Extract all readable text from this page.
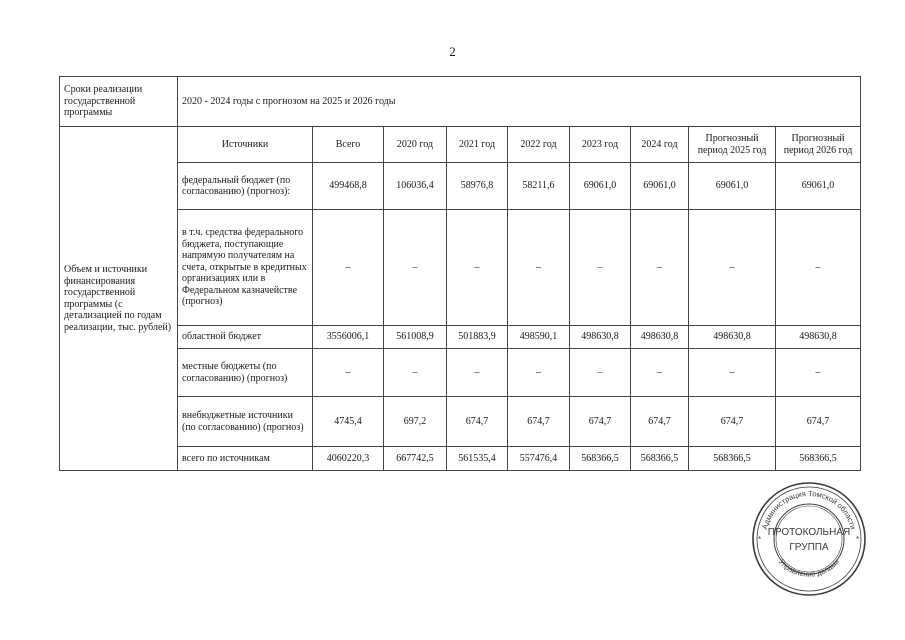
2
Сроки реализации государственной программы	2020 - 2024 годы с прогнозом на 2025 и 2026 годы								
Объем и источники финансирования государственной программы (с детализацией по годам реализации, тыс. рублей)	Источники	Всего	2020 год	2021 год	2022 год	2023 год	2024 год	Прогнозный период 2025 год	Прогнозный период 2026 год
	федеральный бюджет (по согласованию) (прогноз):	499468,8	106036,4	58976,8	58211,6	69061,0	69061,0	69061,0	69061,0
	в т.ч. средства федерального бюджета, поступающие напрямую получателям на счета, открытые в кредитных организациях или в Федеральном казначействе (прогноз)	–	–	–	–	–	–	–	–
	областной бюджет	3556006,1	561008,9	501883,9	498590,1	498630,8	498630,8	498630,8	498630,8
	местные бюджеты (по согласованию) (прогноз)	–	–	–	–	–	–	–	–
	внебюджетные источники (по согласованию) (прогноз)	4745,4	697,2	674,7	674,7	674,7	674,7	674,7	674,7
	всего по источникам	4060220,3	667742,5	561535,4	557476,4	568366,5	568366,5	568366,5	568366,5
Администрация Томской области
Управление делами
*	*
ПРОТОКОЛЬНАЯ
ГРУППА
